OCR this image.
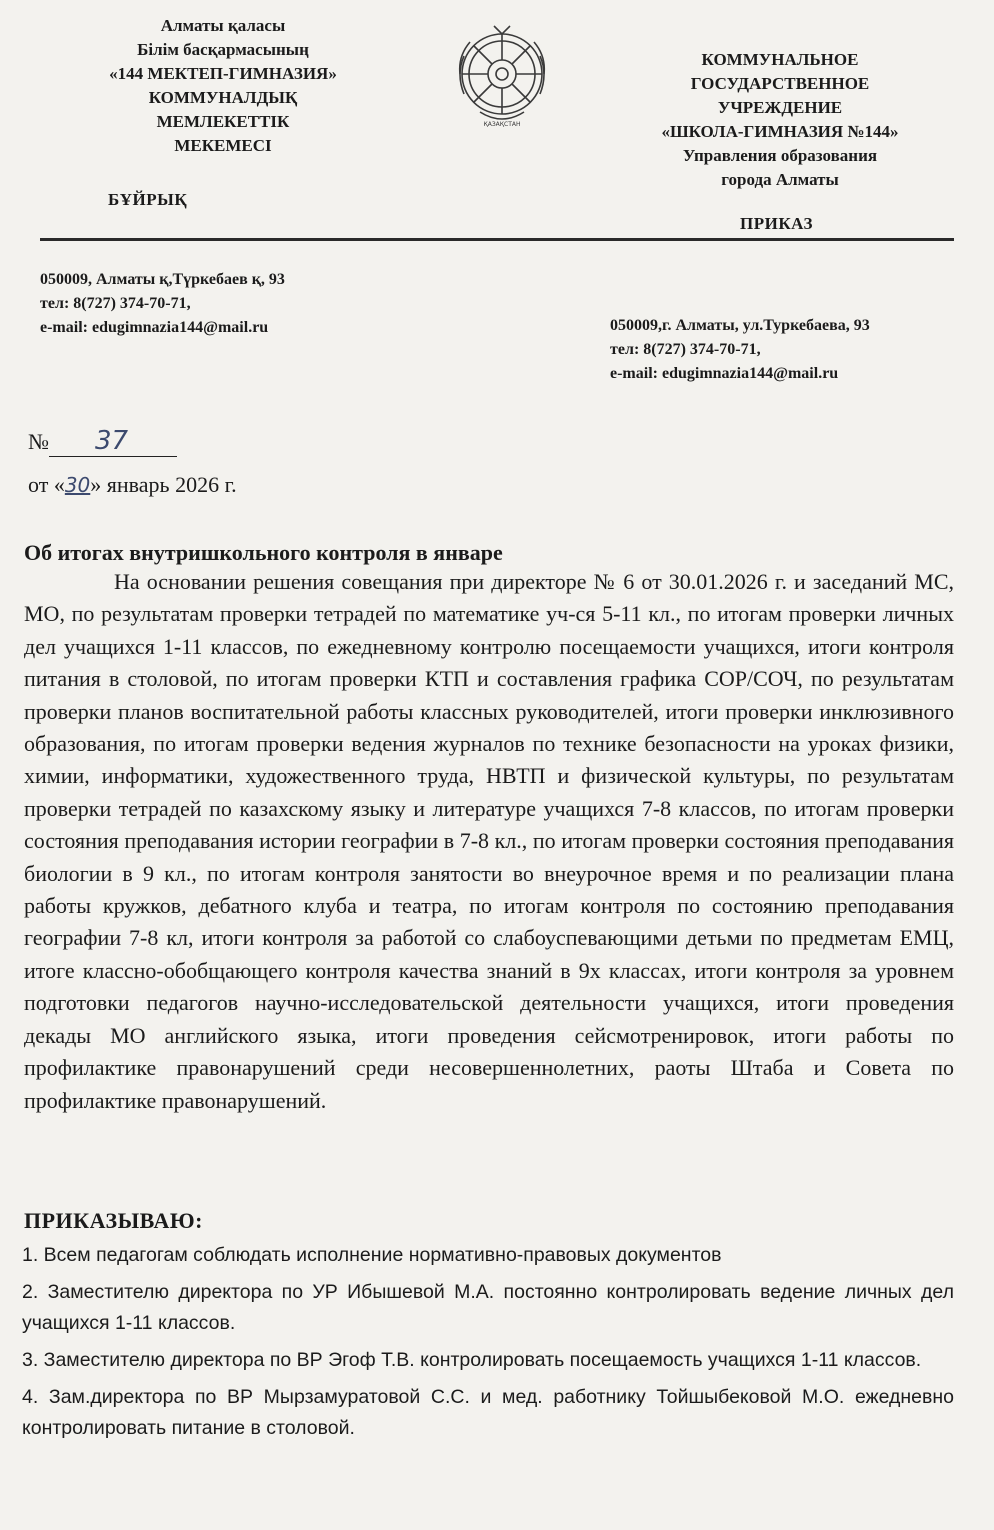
Алматы қаласы
Білім басқармасының
«144 МЕКТЕП-ГИМНАЗИЯ»
КОММУНАЛДЫҚ
МЕМЛЕКЕТТІК
МЕКЕМЕСІ
БҰЙРЫҚ
ҚАЗАҚСТАН
КОММУНАЛЬНОЕ
ГОСУДАРСТВЕННОЕ
УЧРЕЖДЕНИЕ
«ШКОЛА-ГИМНАЗИЯ №144»
Управления образования
города Алматы
ПРИКАЗ
050009, Алматы қ,Түркебаев қ, 93
тел: 8(727) 374-70-71,
e-mail: edugimnazia144@mail.ru	050009,г. Алматы, ул.Туркебаева, 93
тел: 8(727) 374-70-71,
e-mail: edugimnazia144@mail.ru
№ 37
от «30» январь 2026 г.
Об итогах внутришкольного контроля в январе
На основании решения совещания при директоре № 6 от 30.01.2026 г. и заседаний МС, МО, по результатам проверки тетрадей по математике уч-ся 5-11 кл., по итогам проверки личных дел учащихся 1-11 классов, по ежедневному контролю посещаемости учащихся, итоги контроля питания в столовой, по итогам проверки КТП и составления графика СОР/СОЧ, по результатам проверки планов воспитательной работы классных руководителей, итоги проверки инклюзивного образования, по итогам проверки ведения журналов по технике безопасности на уроках физики, химии, информатики, художественного труда, НВТП и физической культуры, по результатам проверки тетрадей по казахскому языку и литературе учащихся 7-8 классов, по итогам проверки состояния преподавания истории географии в 7-8 кл., по итогам проверки состояния преподавания биологии в 9 кл., по итогам контроля занятости во внеурочное время и по реализации плана работы кружков, дебатного клуба и театра, по итогам контроля по состоянию преподавания географии 7-8 кл, итоги контроля за работой со слабоуспевающими детьми по предметам ЕМЦ, итоге классно-обобщающего контроля качества знаний в 9х классах, итоги контроля за уровнем подготовки педагогов научно-исследовательской деятельности учащихся, итоги проведения декады МО английского языка, итоги проведения сейсмотренировок, итоги работы по профилактике правонарушений среди несовершеннолетних, раоты Штаба и Совета по профилактике правонарушений.
ПРИКАЗЫВАЮ:
1. Всем педагогам соблюдать исполнение нормативно-правовых документов
2. Заместителю директора по УР Ибышевой М.А. постоянно контролировать ведение личных дел учащихся 1-11 классов.
3. Заместителю директора по ВР Эгоф Т.В. контролировать посещаемость учащихся 1-11 классов.
4. Зам.директора по ВР Мырзамуратовой С.С. и мед. работнику Тойшыбековой М.О. ежедневно контролировать питание в столовой.
